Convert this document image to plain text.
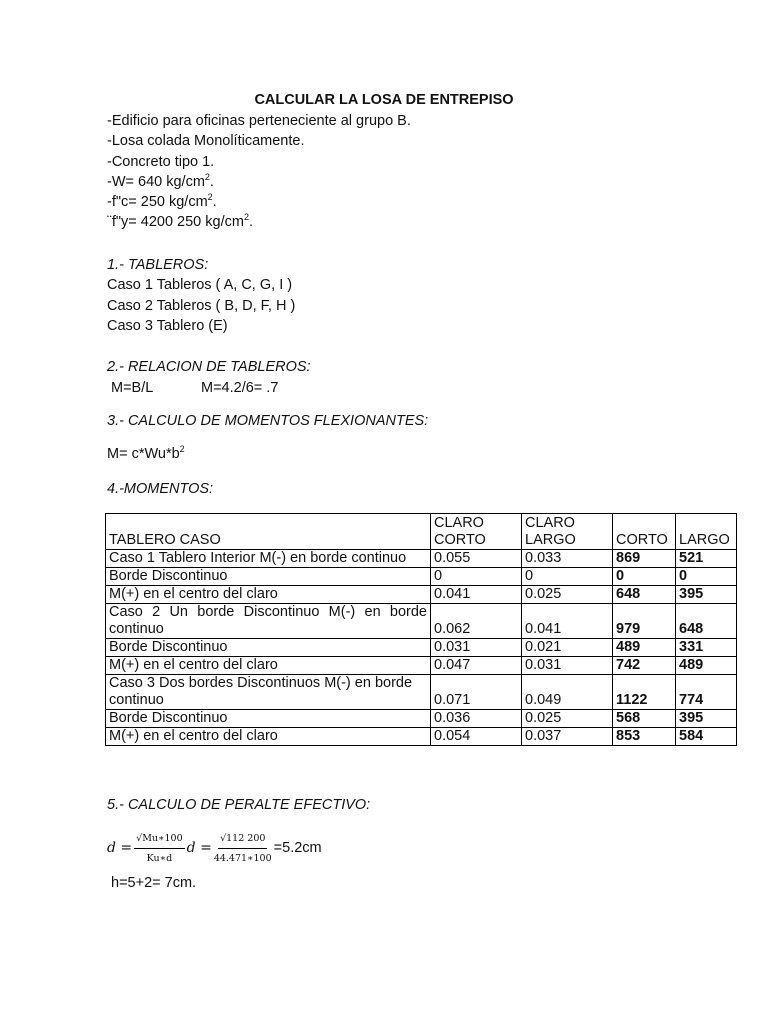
CALCULAR LA LOSA DE ENTREPISO
-Edificio para oficinas perteneciente al grupo B.
-Losa colada Monolíticamente.
-Concreto tipo 1.
-W= 640 $kg/cm^2$.
-f"c= 250 $kg/cm^2$.
¨f"y= 4200 250 $kg/cm^2$.
1.- TABLEROS:
Caso 1 Tableros ( A, C, G, I )
Caso 2 Tableros ( B, D, F, H )
Caso 3 Tablero (E)
2.- RELACION DE TABLEROS:
M=B/L	M=4.2/6= .7
3.- CALCULO DE MOMENTOS FLEXIONANTES:
$M= c*Wu*b^2$
4.-MOMENTOS:
TABLERO CASO	CLARO CORTO	CLARO LARGO	CORTO	LARGO
Caso 1 Tablero Interior M(-) en borde continuo	0.055	0.033	869	521
Borde Discontinuo	0	0	0	0
M(+) en el centro del claro	0.041	0.025	648	395
Caso 2 Un borde Discontinuo M(-) en borde continuo	0.062	0.041	979	648
Borde Discontinuo	0.031	0.021	489	331
M(+) en el centro del claro	0.047	0.031	742	489
Caso 3 Dos bordes Discontinuos M(-) en borde continuo	0.071	0.049	1122	774
Borde Discontinuo	0.036	0.025	568	395
M(+) en el centro del claro	0.054	0.037	853	584
5.- CALCULO DE PERALTE EFECTIVO:
$d = \frac{√Mu∗100}{Ku∗d}$ $d = \frac{√112 200}{44.471∗100} =5.2cm$
h=5+2= 7cm.
